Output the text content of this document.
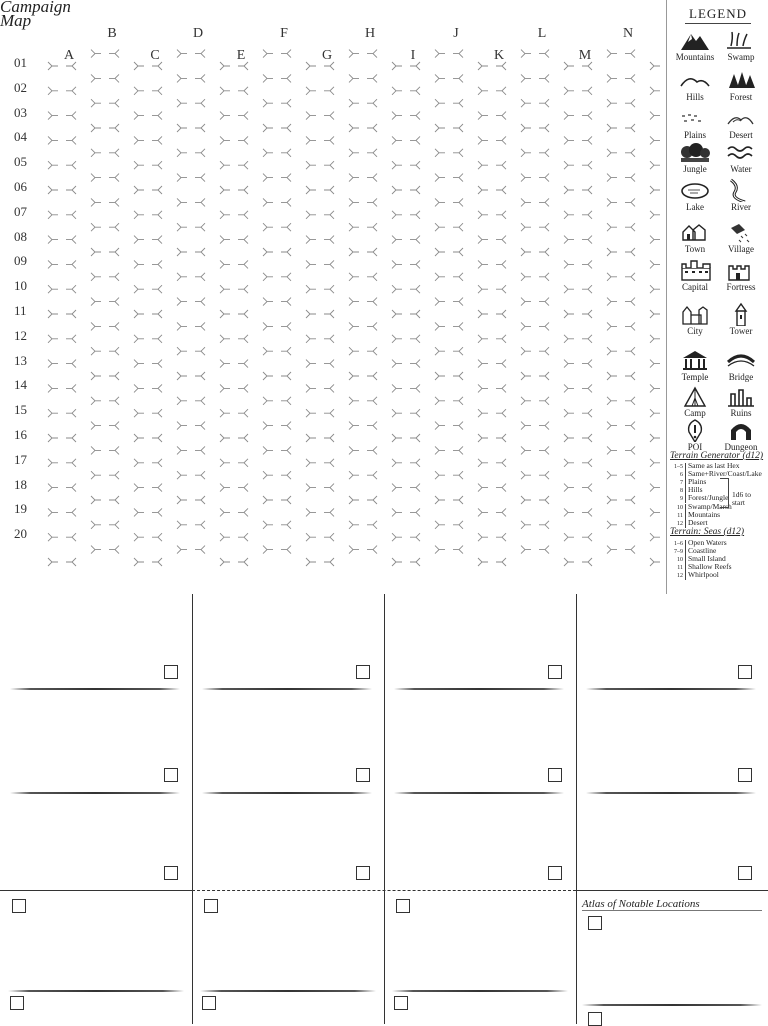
Campaign
Map
B	D	F	H	J	L	N
A	C	E	G	I	K	M
01
02
03
04
05
06
07
08
09
10
11
12
13
14
15
16
17
18
19
20
LEGEND
Mountains	Swamp
Hills	Forest
Plains	Desert
Jungle	Water
Lake	River
Town	Village
Capital	Fortress
City	Tower
Temple	Bridge
Camp	Ruins
POI	Dungeon
Terrain Generator (d12)
1–5 Same as last Hex
6 Same+River/Coast/Lake
7 Plains
8 Hills
9 Forest/Jungle
10 Swamp/Marsh
11 Mountains
12 Desert
1d6 to start
Terrain: Seas (d12)
1–6 Open Waters
7–9 Coastline
10 Small Island
11 Shallow Reefs
12 Whirlpool
Atlas of Notable Locations
